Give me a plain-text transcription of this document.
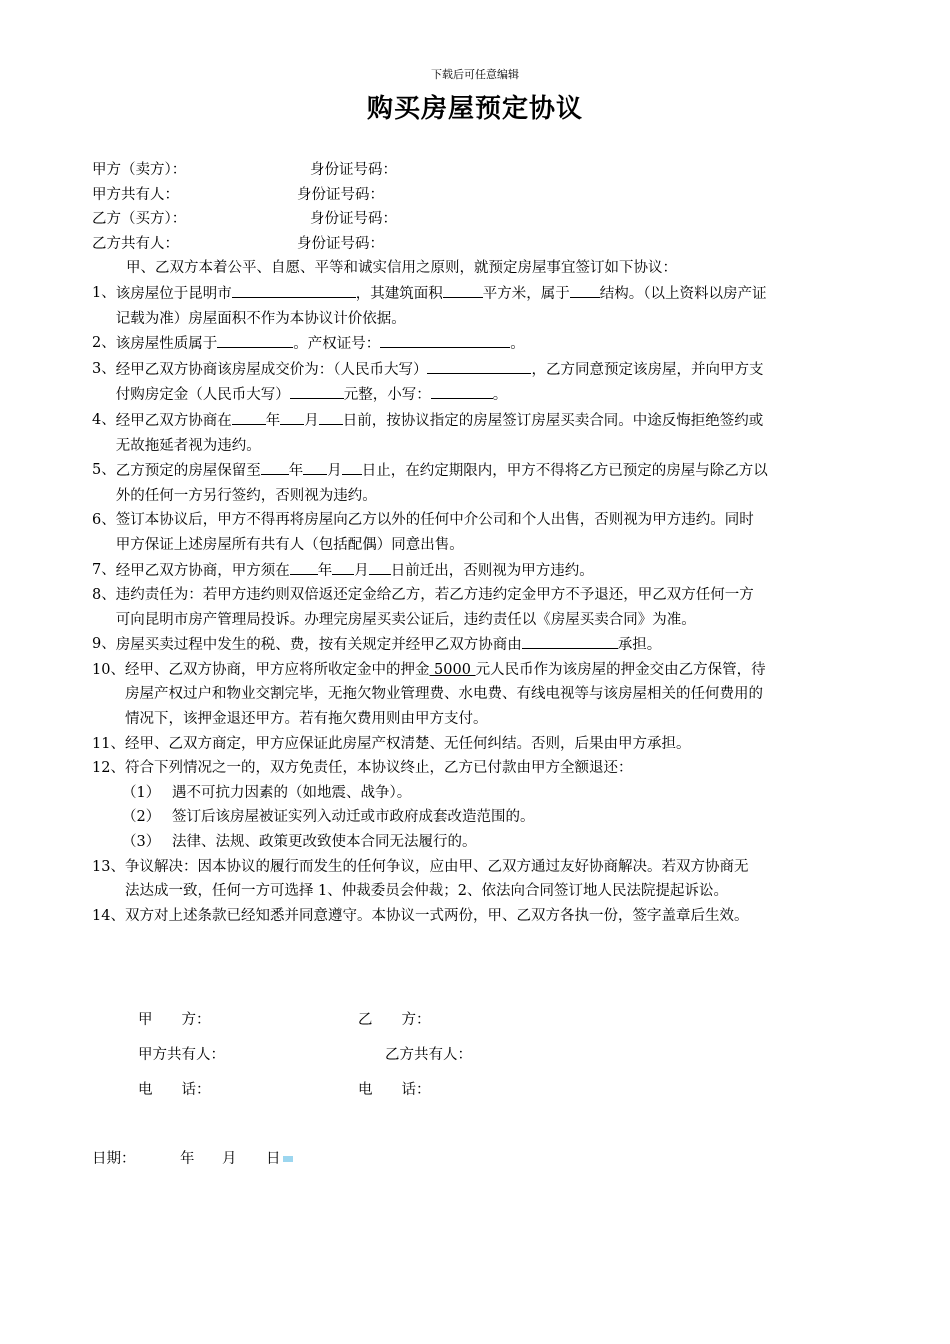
下载后可任意编辑
购买房屋预定协议
甲方（卖方）：	身份证号码：
甲方共有人：	身份证号码：
乙方（买方）：	身份证号码：
乙方共有人：	身份证号码：
甲、乙双方本着公平、自愿、平等和诚实信用之原则，就预定房屋事宜签订如下协议：
1、 该房屋位于昆明市	，其建筑面积	平方米，属于 结构。（以上资料以房产证
记载为准）房屋面积不作为本协议计价依据。
2、 该房屋性质属于	。产权证号：	。
3、 经甲乙双方协商该房屋成交价为：（人民币大写）	，乙方同意预定该房屋，并向甲方支
付购房定金（人民币大写）	元整，小写：	。
4、 经甲乙双方协商在 年 月 日前，按协议指定的房屋签订房屋买卖合同。中途反悔拒绝签约或
无故拖延者视为违约。
5、 乙方预定的房屋保留至 年 月 日止，在约定期限内，甲方不得将乙方已预定的房屋与除乙方以
外的任何一方另行签约，否则视为违约。
6、 签订本协议后，甲方不得再将房屋向乙方以外的任何中介公司和个人出售，否则视为甲方违约。同时
甲方保证上述房屋所有共有人（包括配偶）同意出售。
7、 经甲乙双方协商，甲方须在 年 月 日前迁出，否则视为甲方违约。
8、 违约责任为：若甲方违约则双倍返还定金给乙方，若乙方违约定金甲方不予退还，甲乙双方任何一方
可向昆明市房产管理局投诉。办理完房屋买卖公证后，违约责任以《房屋买卖合同》为准。
9、 房屋买卖过程中发生的税、费，按有关规定并经甲乙双方协商由	承担。
10、 经甲、乙双方协商，甲方应将所收定金中的押金 5000 元人民币作为该房屋的押金交由乙方保管，待
房屋产权过户和物业交割完毕，无拖欠物业管理费、水电费、有线电视等与该房屋相关的任何费用的
情况下，该押金退还甲方。若有拖欠费用则由甲方支付。
11、 经甲、乙双方商定，甲方应保证此房屋产权清楚、无任何纠结。否则，后果由甲方承担。
12、 符合下列情况之一的，双方免责任，本协议终止，乙方已付款由甲方全额退还：
（1） 遇不可抗力因素的（如地震、战争）。
（2） 签订后该房屋被证实列入动迁或市政府成套改造范围的。
（3） 法律、法规、政策更改致使本合同无法履行的。
13、 争议解决：因本协议的履行而发生的任何争议，应由甲、乙双方通过友好协商解决。若双方协商无
法达成一致，任何一方可选择 1、仲裁委员会仲裁；2、依法向合同签订地人民法院提起诉讼。
14、 双方对上述条款已经知悉并同意遵守。本协议一式两份，甲、乙双方各执一份，签字盖章后生效。
甲　　方：	乙　　方：
甲方共有人：	乙方共有人：
电　　话：	电　　话：
日期：	年 月 日
